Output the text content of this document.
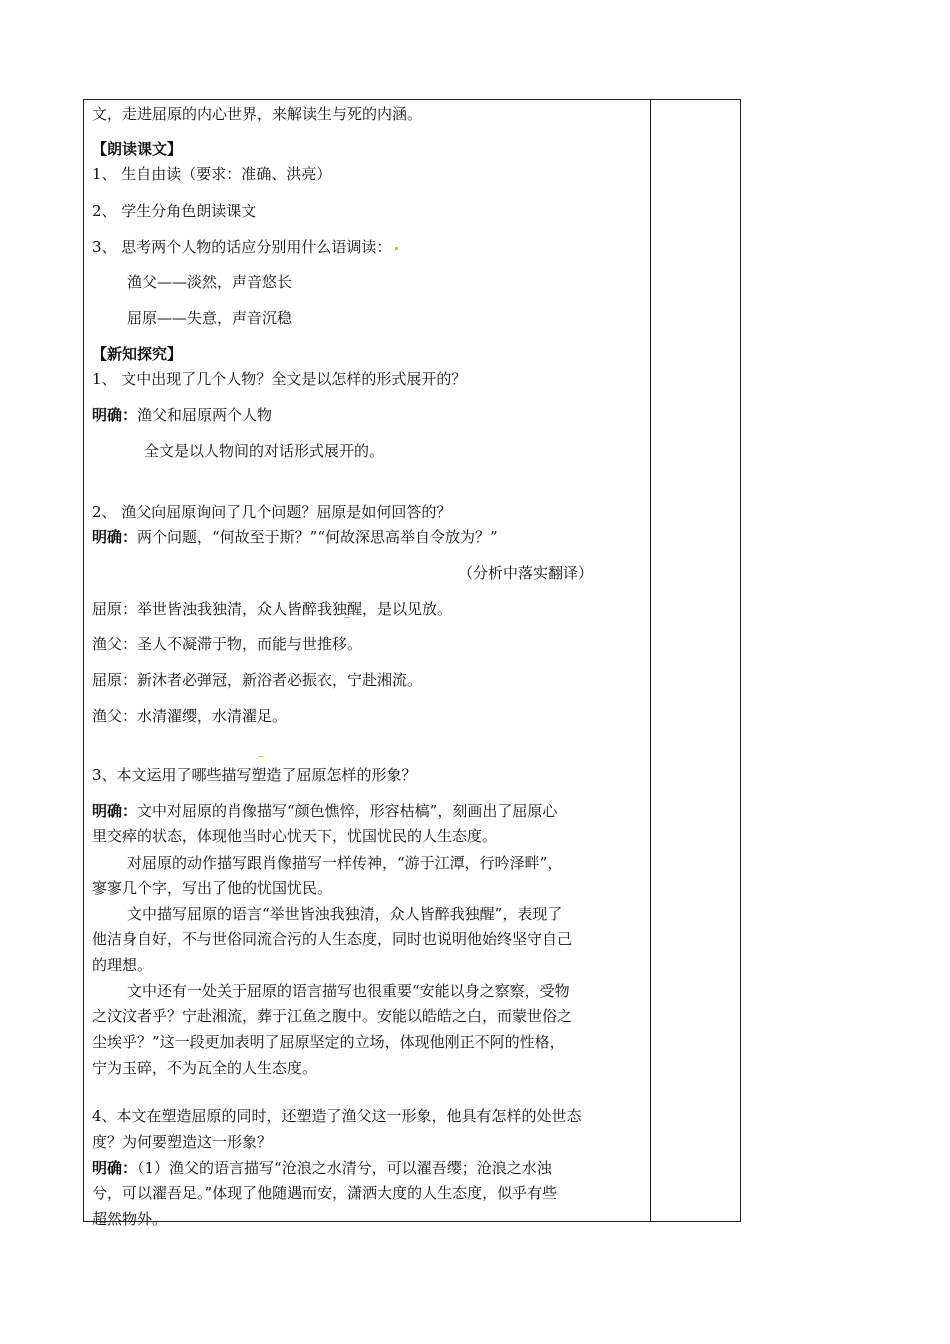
文，走进屈原的内心世界，来解读生与死的内涵。
【朗读课文】
1、 生自由读（要求：准确、洪亮）
2、 学生分角色朗读课文
3、 思考两个人物的话应分别用什么语调读：
渔父——淡然，声音悠长
屈原——失意，声音沉稳
【新知探究】
1、 文中出现了几个人物？全文是以怎样的形式展开的？
明确：渔父和屈原两个人物
全文是以人物间的对话形式展开的。
2、 渔父向屈原询问了几个问题？屈原是如何回答的？
明确：两个问题，“何故至于斯？”“何故深思高举自令放为？”
（分析中落实翻译）
屈原：举世皆浊我独清，众人皆醉我独醒，是以见放。
渔父：圣人不凝滞于物，而能与世推移。
屈原：新沐者必弹冠，新浴者必振衣，宁赴湘流。
渔父：水清濯缨，水清濯足。
3、本文运用了哪些描写塑造了屈原怎样的形象？
明确：文中对屈原的肖像描写“颜色憔悴，形容枯槁”，刻画出了屈原心
里交瘁的状态，体现他当时心忧天下，忧国忧民的人生态度。
对屈原的动作描写跟肖像描写一样传神，“游于江潭，行吟泽畔”，
寥寥几个字，写出了他的忧国忧民。
文中描写屈原的语言“举世皆浊我独清，众人皆醉我独醒”，表现了
他洁身自好，不与世俗同流合污的人生态度，同时也说明他始终坚守自己
的理想。
文中还有一处关于屈原的语言描写也很重要“安能以身之察察，受物
之汶汶者乎？宁赴湘流，葬于江鱼之腹中。安能以皓皓之白，而蒙世俗之
尘埃乎？”这一段更加表明了屈原坚定的立场，体现他刚正不阿的性格，
宁为玉碎，不为瓦全的人生态度。
4、本文在塑造屈原的同时，还塑造了渔父这一形象，他具有怎样的处世态
度？为何要塑造这一形象？
明确：（1）渔父的语言描写“沧浪之水清兮，可以濯吾缨；沧浪之水浊
兮，可以濯吾足。”体现了他随遇而安，潇洒大度的人生态度，似乎有些
超然物外。
